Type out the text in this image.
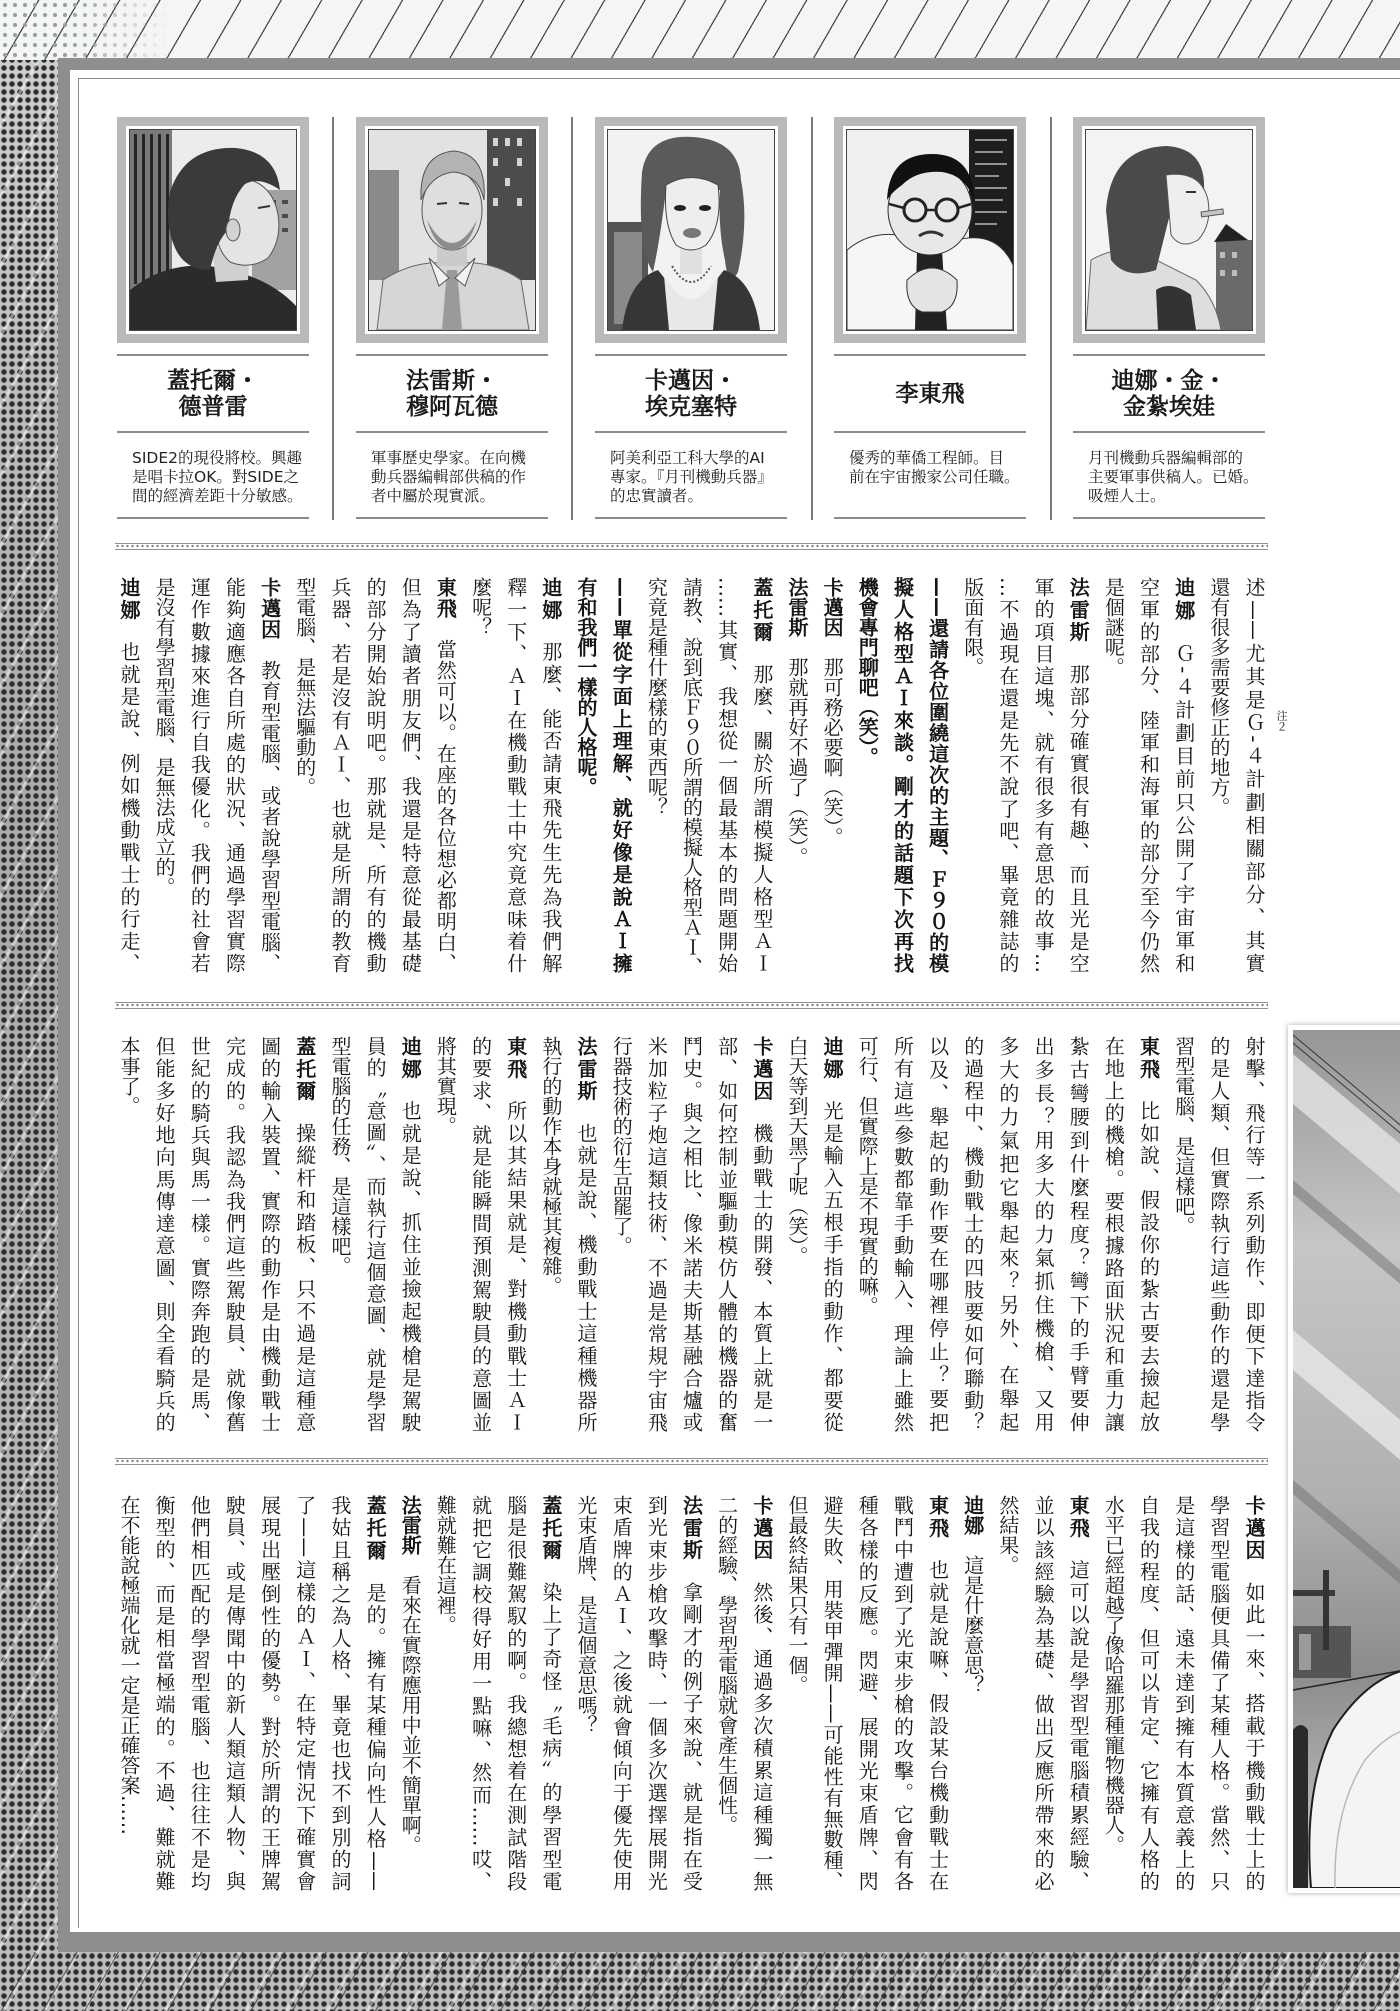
蓋托爾・
德普雷
SIDE2的現役將校。興趣
是唱卡拉OK。對SIDE之
間的經濟差距十分敏感。
法雷斯・
穆阿瓦德
軍事歷史學家。在向機
動兵器編輯部供稿的作
者中屬於現實派。
卡邁因・
埃克塞特
阿美利亞工科大學的AI
專家。『月刊機動兵器』
的忠實讀者。
李東飛
優秀的華僑工程師。目
前在宇宙搬家公司任職。
迪娜・金・
金紮埃娃
月刊機動兵器編輯部的
主要軍事供稿人。已婚。
吸煙人士。
述——尤其是
注２
Ｇ-４計劃相關部分、其實
還有很多需要修正的地方。
迪娜Ｇ-４計劃目前只公開了宇宙軍和
空軍的部分、陸軍和海軍的部分至今仍然
是個謎呢。
法雷斯那部分確實很有趣、而且光是空
軍的項目這塊、就有很多有意思的故事…
…不過現在還是先不說了吧、畢竟雜誌的
版面有限。
——還請各位圍繞這次的主題、Ｆ９０的模
擬人格型ＡＩ來談。剛才的話題下次再找
機會專門聊吧（笑）。
卡邁因那可務必要啊（笑）。
法雷斯那就再好不過了（笑）。
蓋托爾那麼、關於所謂模擬人格型ＡＩ
……其實、我想從一個最基本的問題開始
請教、說到底Ｆ９０所謂的模擬人格型ＡＩ、
究竟是種什麼樣的東西呢？
——單從字面上理解、就好像是說ＡＩ擁
有和我們一樣的人格呢。
迪娜那麼、能否請東飛先生先為我們解
釋一下、ＡＩ在機動戰士中究竟意味着什
麼呢？
東飛當然可以。在座的各位想必都明白、
但為了讀者朋友們、我還是特意從最基礎
的部分開始說明吧。那就是、所有的機動
兵器、若是沒有ＡＩ、也就是所謂的教育
型電腦、是無法驅動的。
卡邁因教育型電腦、或者說學習型電腦、
能夠適應各自所處的狀況、通過學習實際
運作數據來進行自我優化。我們的社會若
是沒有學習型電腦、是無法成立的。
迪娜也就是說、例如機動戰士的行走、
射擊、飛行等一系列動作、即便下達指令
的是人類、但實際執行這些動作的還是學
習型電腦、是這樣吧。
東飛比如說、假設你的紮古要去撿起放
在地上的機槍。要根據路面狀況和重力讓
紮古彎腰到什麼程度？彎下的手臂要伸
出多長？用多大的力氣抓住機槍、又用
多大的力氣把它舉起來？另外、在舉起
的過程中、機動戰士的四肢要如何聯動？
以及、舉起的動作要在哪裡停止？要把
所有這些參數都靠手動輸入、理論上雖然
可行、但實際上是不現實的嘛。
迪娜光是輸入五根手指的動作、都要從
白天等到天黑了呢（笑）。
卡邁因機動戰士的開發、本質上就是一
部、如何控制並驅動模仿人體的機器的奮
鬥史。與之相比、像米諾夫斯基融合爐或
米加粒子炮這類技術、不過是常規宇宙飛
行器技術的衍生品罷了。
法雷斯也就是說、機動戰士這種機器所
執行的動作本身就極其複雜。
東飛所以其結果就是、對機動戰士ＡＩ
的要求、就是能瞬間預測駕駛員的意圖並
將其實現。
迪娜也就是說、抓住並撿起機槍是駕駛
員的〝意圖〞、而執行這個意圖、就是學習
型電腦的任務、是這樣吧。
蓋托爾操縱杆和踏板、只不過是這種意
圖的輸入裝置、實際的動作是由機動戰士
完成的。我認為我們這些駕駛員、就像舊
世紀的騎兵與馬一樣。實際奔跑的是馬、
但能多好地向馬傳達意圖、則全看騎兵的
本事了。
卡邁因如此一來、搭載于機動戰士上的
學習型電腦便具備了某種人格。當然、只
是這樣的話、遠未達到擁有本質意義上的
自我的程度、但可以肯定、它擁有人格的
水平已經超越了像哈羅那種寵物機器人。
東飛這可以說是學習型電腦積累經驗、
並以該經驗為基礎、做出反應所帶來的必
然結果。
迪娜這是什麼意思？
東飛也就是說嘛、假設某台機動戰士在
戰鬥中遭到了光束步槍的攻擊。它會有各
種各樣的反應。閃避、展開光束盾牌、閃
避失敗、用裝甲彈開——可能性有無數種、
但最終結果只有一個。
卡邁因然後、通過多次積累這種獨一無
二的經驗、學習型電腦就會產生個性。
法雷斯拿剛才的例子來說、就是指在受
到光束步槍攻擊時、一個多次選擇展開光
束盾牌的ＡＩ、之後就會傾向于優先使用
光束盾牌、是這個意思嗎？
蓋托爾染上了奇怪〝毛病〞的學習型電
腦是很難駕馭的啊。我總想着在測試階段
就把它調校得好用一點嘛、然而……哎、
難就難在這裡。
法雷斯看來在實際應用中並不簡單啊。
蓋托爾是的。擁有某種偏向性人格——
我姑且稱之為人格、畢竟也找不到別的詞
了——這樣的ＡＩ、在特定情況下確實會
展現出壓倒性的優勢。對於所謂的王牌駕
駛員、或是傳聞中的新人類這類人物、與
他們相匹配的學習型電腦、也往往不是均
衡型的、而是相當極端的。不過、難就難
在不能說極端化就一定是正確答案……
